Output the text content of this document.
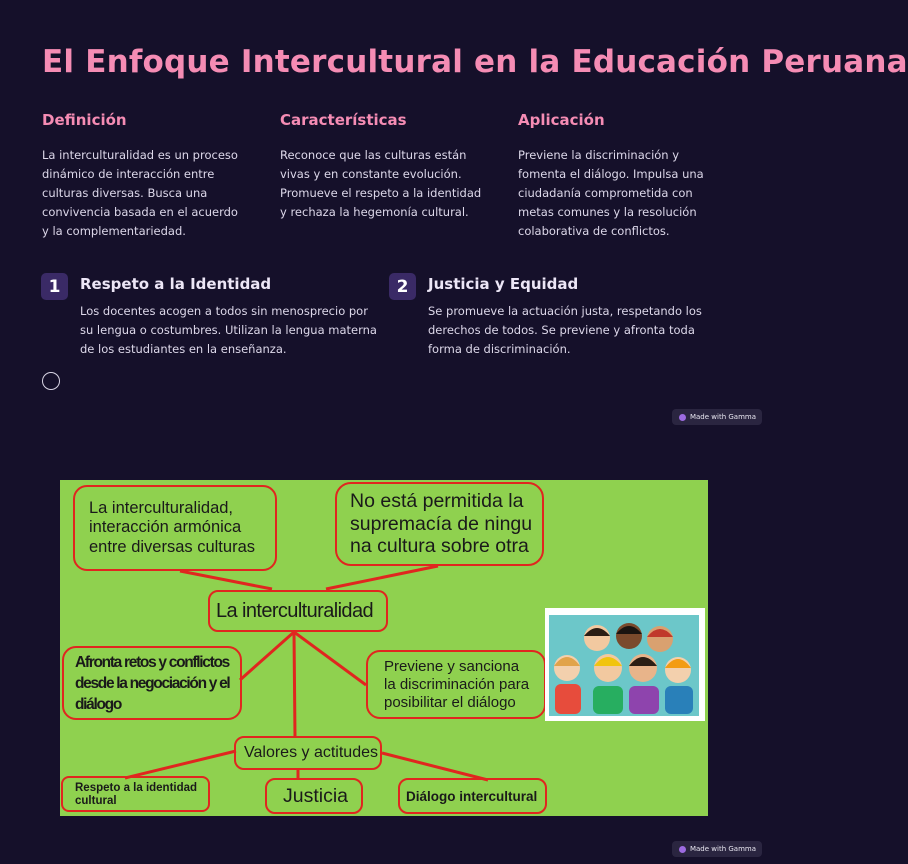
El Enfoque Intercultural en la Educación Peruana
Definición

La interculturalidad es un proceso dinámico de interacción entre culturas diversas. Busca una convivencia basada en el acuerdo y la complementariedad.

Características

Reconoce que las culturas están vivas y en constante evolución. Promueve el respeto a la identidad y rechaza la hegemonía cultural.

Aplicación

Previene la discriminación y fomenta el diálogo. Impulsa una ciudadanía comprometida con metas comunes y la resolución colaborativa de conflictos.

1	Respeto a la Identidad

Los docentes acogen a todos sin menosprecio por su lengua o costumbres. Utilizan la lengua materna de los estudiantes en la enseñanza.

2	Justicia y Equidad

Se promueve la actuación justa, respetando los derechos de todos. Se previene y afronta toda forma de discriminación.

Made with Gamma
La interculturalidad,
interacción armónica
entre diversas culturas
No está permitida la
supremacía de ningu
na cultura sobre otra
La interculturalidad
Afronta retos y conflictos
desde la negociación y el
diálogo
Previene y sanciona
la discriminación para
posibilitar el diálogo
Valores y actitudes
Respeto a la identidad
cultural	Justicia	Diálogo intercultural
Made with Gamma
